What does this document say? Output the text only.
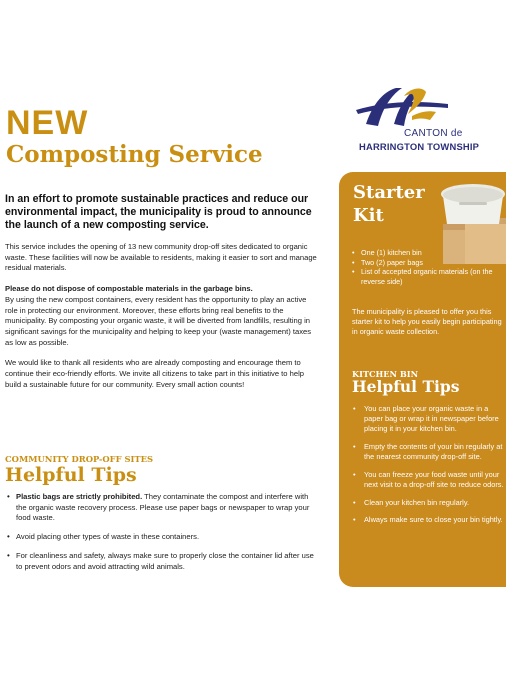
CANTON de
HARRINGTON TOWNSHIP
NEW
Composting Service

In an effort to promote sustainable practices and reduce our environmental impact, the municipality is proud to announce the launch of a new composting service.

This service includes the opening of 13 new community drop-off sites dedicated to organic waste. These facilities will now be available to residents, making it easier to sort and manage residual materials.

Please do not dispose of compostable materials in the garbage bins.
By using the new compost containers, every resident has the opportunity to play an active role in protecting our environment. Moreover, these efforts bring real benefits to the municipality. By composting your organic waste, it will be diverted from landfills, resulting in significant savings for the municipality and helping to keep your (waste management) taxes as low as possible.

We would like to thank all residents who are already composting and encourage them to continue their eco-friendly efforts. We invite all citizens to take part in this initiative to help build a sustainable future for our community. Every small action counts!

COMMUNITY DROP-OFF SITES
Helpful Tips
• Plastic bags are strictly prohibited. They contaminate the compost and interfere with the organic waste recovery process. Please use paper bags or newspaper to wrap your food waste.
• Avoid placing other types of waste in these containers.
• For cleanliness and safety, always make sure to properly close the container lid after use to prevent odors and avoid attracting wild animals.
Starter Kit
• One (1) kitchen bin
• Two (2) paper bags
• List of accepted organic materials (on the reverse side)

The municipality is pleased to offer you this starter kit to help you easily begin participating in organic waste collection.

KITCHEN BIN
Helpful Tips
• You can place your organic waste in a paper bag or wrap it in newspaper before placing it in your kitchen bin.
• Empty the contents of your bin regularly at the nearest community drop-off site.
• You can freeze your food waste until your next visit to a drop-off site to reduce odors.
• Clean your kitchen bin regularly.
• Always make sure to close your bin tightly.
